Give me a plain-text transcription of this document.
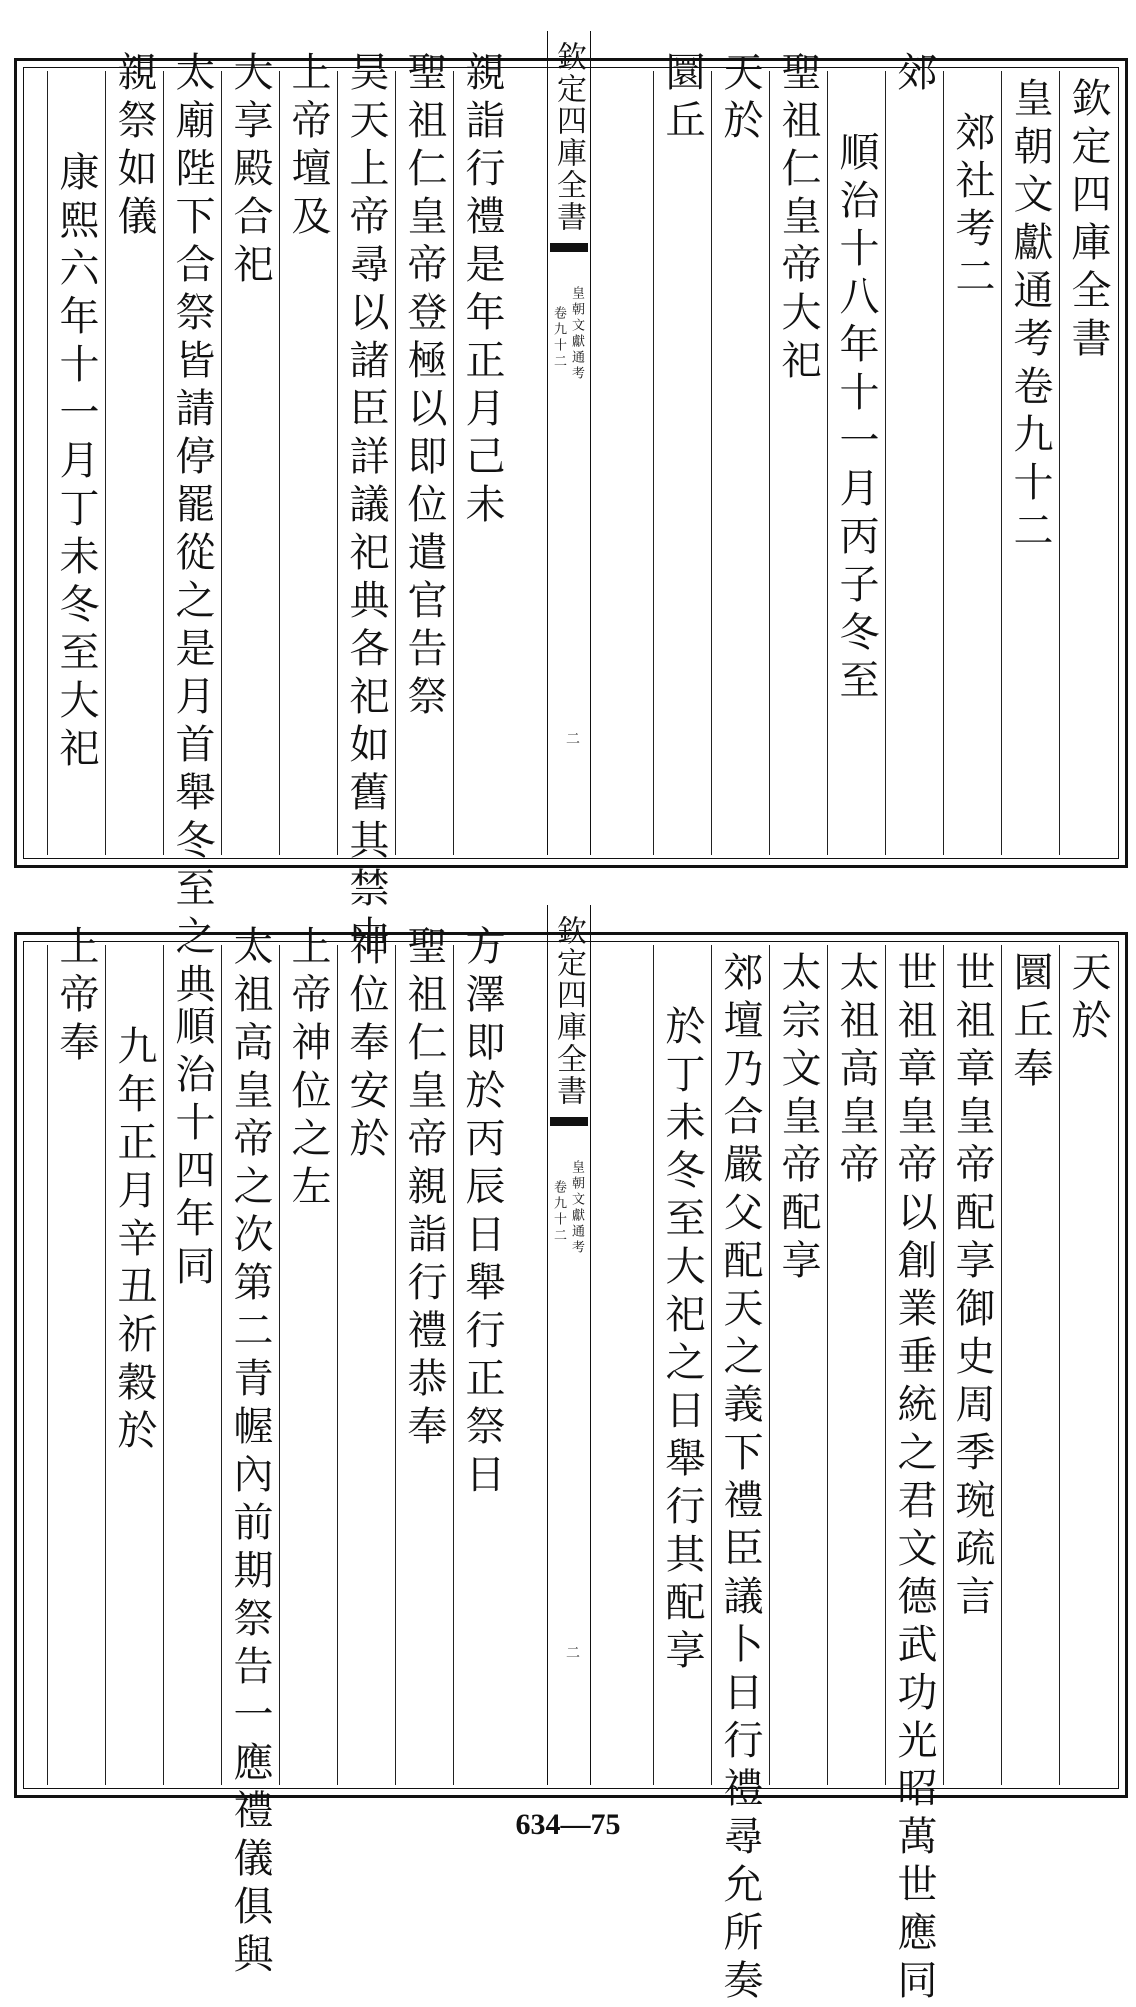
欽定四庫全書
皇朝文獻通考卷九十二
郊社考二
郊
順治十八年十一月丙子冬至
聖祖仁皇帝大祀
天於
圜丘
欽定四庫全書
皇朝文獻通考
卷九十二
二
親詣行禮是年正月己未
聖祖仁皇帝登極以即位遣官告祭
昊天上帝尋以諸臣詳議祀典各祀如舊其禁中
上帝壇及
大享殿合祀
太廟陛下合祭皆請停罷從之是月首舉冬至之典
親祭如儀
康熙六年十一月丁未冬至大祀
天於
圜丘奉
世祖章皇帝配享御史周季琬疏言
世祖章皇帝以創業垂統之君文德武功光昭萬世應同
太祖高皇帝
太宗文皇帝配享
郊壇乃合嚴父配天之義下禮臣議卜日行禮尋允所奏
於丁未冬至大祀之日舉行其配享
欽定四庫全書
皇朝文獻通考
卷九十二
二
方澤即於丙辰日舉行正祭日
聖祖仁皇帝親詣行禮恭奉
神位奉安於
上帝神位之左
太祖高皇帝之次第二青幄內前期祭告一應禮儀俱與
順治十四年同
九年正月辛丑祈穀於
上帝奉
634—75
